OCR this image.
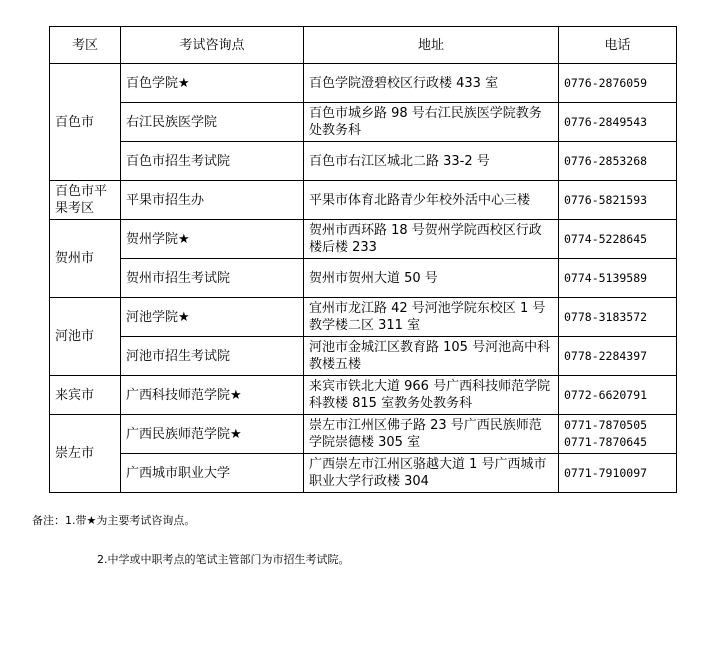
考区	考试咨询点	地址	电话
百色市	百色学院★	百色学院澄碧校区行政楼 433 室	0776-2876059

	右江民族医学院	百色市城乡路 98 号右江民族医学院教务处教务科	0776-2849543

	百色市招生考试院	百色市右江区城北二路 33-2 号	0776-2853268

百色市平果考区	平果市招生办	平果市体育北路青少年校外活中心三楼	0776-5821593

贺州市	贺州学院★	贺州市西环路 18 号贺州学院西校区行政楼后楼 233	0774-5228645

	贺州市招生考试院	贺州市贺州大道 50 号	0774-5139589

河池市	河池学院★	宜州市龙江路 42 号河池学院东校区 1 号教学楼二区 311 室	0778-3183572

	河池市招生考试院	河池市金城江区教育路 105 号河池高中科教楼五楼	0778-2284397

来宾市	广西科技师范学院★	来宾市铁北大道 966 号广西科技师范学院科教楼 815 室教务处教务科	0772-6620791

崇左市	广西民族师范学院★	崇左市江州区佛子路 23 号广西民族师范学院崇德楼 305 室	0771-7870505
0771-7870645

	广西城市职业大学	广西崇左市江州区骆越大道 1 号广西城市职业大学行政楼 304	0771-7910097
备注：1.带★为主要考试咨询点。
2.中学或中职考点的笔试主管部门为市招生考试院。
